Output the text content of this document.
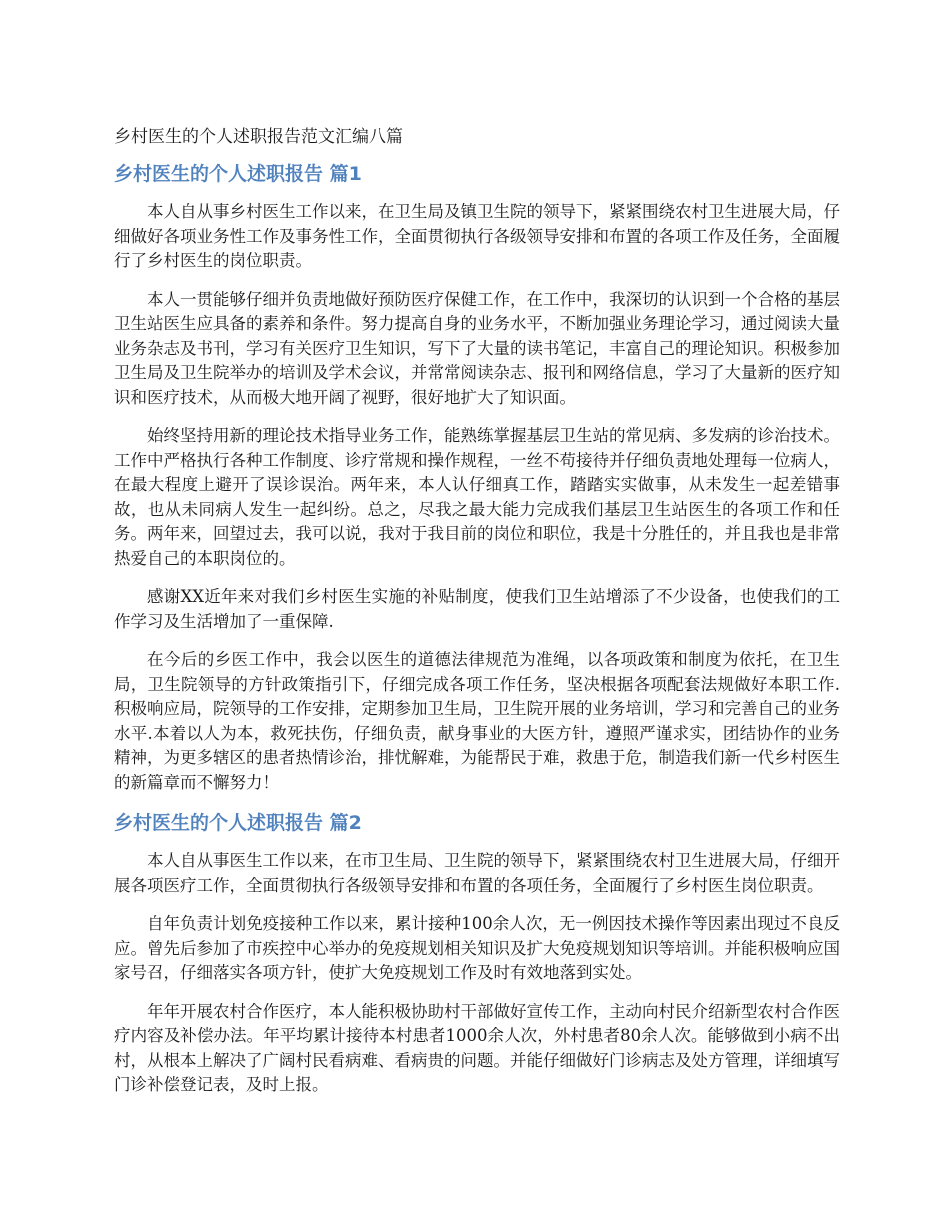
乡村医生的个人述职报告范文汇编八篇
乡村医生的个人述职报告 篇1

本人自从事乡村医生工作以来，在卫生局及镇卫生院的领导下，紧紧围绕农村卫生进展大局，仔细做好各项业务性工作及事务性工作，全面贯彻执行各级领导安排和布置的各项工作及任务，全面履行了乡村医生的岗位职责。

本人一贯能够仔细并负责地做好预防医疗保健工作，在工作中，我深切的认识到一个合格的基层卫生站医生应具备的素养和条件。努力提高自身的业务水平，不断加强业务理论学习，通过阅读大量业务杂志及书刊，学习有关医疗卫生知识，写下了大量的读书笔记，丰富自己的理论知识。积极参加卫生局及卫生院举办的培训及学术会议，并常常阅读杂志、报刊和网络信息，学习了大量新的医疗知识和医疗技术，从而极大地开阔了视野，很好地扩大了知识面。

始终坚持用新的理论技术指导业务工作，能熟练掌握基层卫生站的常见病、多发病的诊治技术。工作中严格执行各种工作制度、诊疗常规和操作规程，一丝不苟接待并仔细负责地处理每一位病人，在最大程度上避开了误诊误治。两年来，本人认仔细真工作，踏踏实实做事，从未发生一起差错事故，也从未同病人发生一起纠纷。总之，尽我之最大能力完成我们基层卫生站医生的各项工作和任务。两年来，回望过去，我可以说，我对于我目前的岗位和职位，我是十分胜任的，并且我也是非常热爱自己的本职岗位的。

感谢XX近年来对我们乡村医生实施的补贴制度，使我们卫生站增添了不少设备，也使我们的工作学习及生活增加了一重保障.

在今后的乡医工作中，我会以医生的道德法律规范为准绳，以各项政策和制度为依托，在卫生局，卫生院领导的方针政策指引下，仔细完成各项工作任务，坚决根据各项配套法规做好本职工作.积极响应局，院领导的工作安排，定期参加卫生局，卫生院开展的业务培训，学习和完善自己的业务水平.本着以人为本，救死扶伤，仔细负责，献身事业的大医方针，遵照严谨求实，团结协作的业务精神，为更多辖区的患者热情诊治，排忧解难，为能帮民于难，救患于危，制造我们新一代乡村医生的新篇章而不懈努力！

乡村医生的个人述职报告 篇2

本人自从事医生工作以来，在市卫生局、卫生院的领导下，紧紧围绕农村卫生进展大局，仔细开展各项医疗工作，全面贯彻执行各级领导安排和布置的各项任务，全面履行了乡村医生岗位职责。

自年负责计划免疫接种工作以来，累计接种100余人次，无一例因技术操作等因素出现过不良反应。曾先后参加了市疾控中心举办的免疫规划相关知识及扩大免疫规划知识等培训。并能积极响应国家号召，仔细落实各项方针，使扩大免疫规划工作及时有效地落到实处。

年年开展农村合作医疗，本人能积极协助村干部做好宣传工作，主动向村民介绍新型农村合作医疗内容及补偿办法。年平均累计接待本村患者1000余人次，外村患者80余人次。能够做到小病不出村，从根本上解决了广阔村民看病难、看病贵的问题。并能仔细做好门诊病志及处方管理，详细填写门诊补偿登记表，及时上报。
